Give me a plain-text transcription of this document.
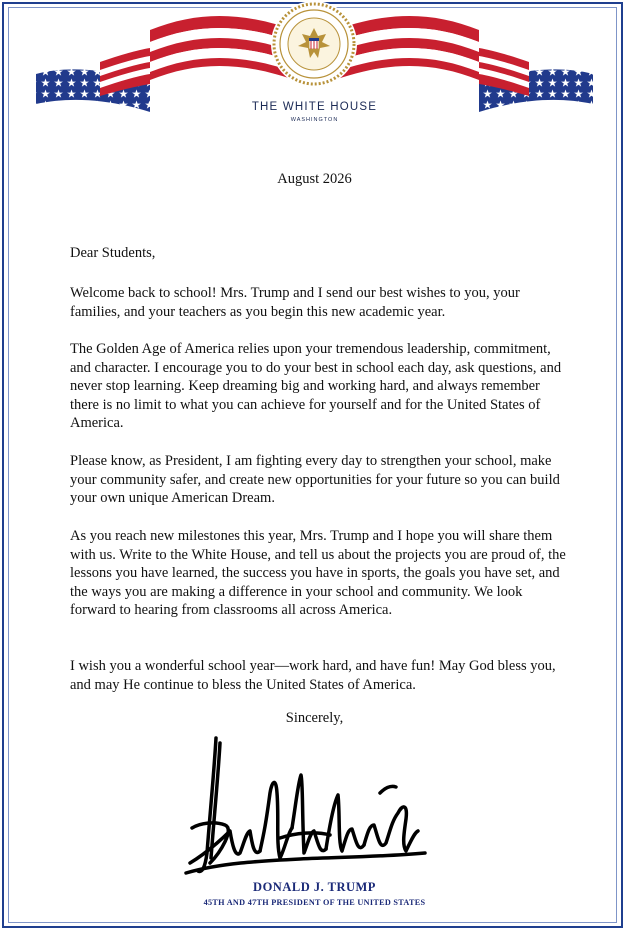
THE WHITE HOUSE
WASHINGTON
August 2026
Dear Students,

Welcome back to school! Mrs. Trump and I send our best wishes to you, your families, and your teachers as you begin this new academic year.

The Golden Age of America relies upon your tremendous leadership, commitment, and character. I encourage you to do your best in school each day, ask questions, and never stop learning. Keep dreaming big and working hard, and always remember there is no limit to what you can achieve for yourself and for the United States of America.

Please know, as President, I am fighting every day to strengthen your school, make your community safer, and create new opportunities for your future so you can build your own unique American Dream.

As you reach new milestones this year, Mrs. Trump and I hope you will share them with us. Write to the White House, and tell us about the projects you are proud of, the lessons you have learned, the success you have in sports, the goals you have set, and the ways you are making a difference in your school and community. We look forward to hearing from classrooms all across America.

I wish you a wonderful school year—work hard, and have fun! May God bless you, and may He continue to bless the United States of America.

Sincerely,
DONALD J. TRUMP
45TH AND 47TH PRESIDENT OF THE UNITED STATES
